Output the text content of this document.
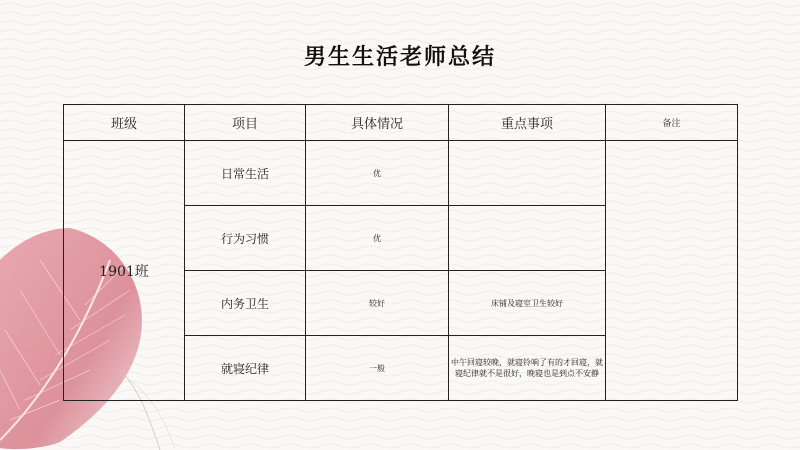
男生生活老师总结
班级	项目	具体情况	重点事项	备注
1901班	日常生活	优		
	行为习惯	优		
	内务卫生	较好	床铺及寝室卫生较好	
	就寝纪律	一般	中午回寝较晚，就寝铃响了有的才回寝，就寝纪律就不是很好，晚寝也是到点不安静	
